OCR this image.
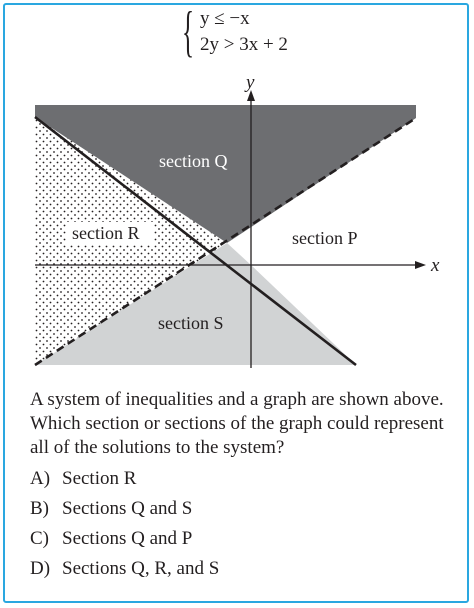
{ y ≤ −x
2y > 3x + 2
y
x
section Q
section R	section P
section S
A system of inequalities and a graph are shown above. Which section or sections of the graph could represent all of the solutions to the system?
A) Section R
B) Sections Q and S
C) Sections Q and P
D) Sections Q, R, and S
